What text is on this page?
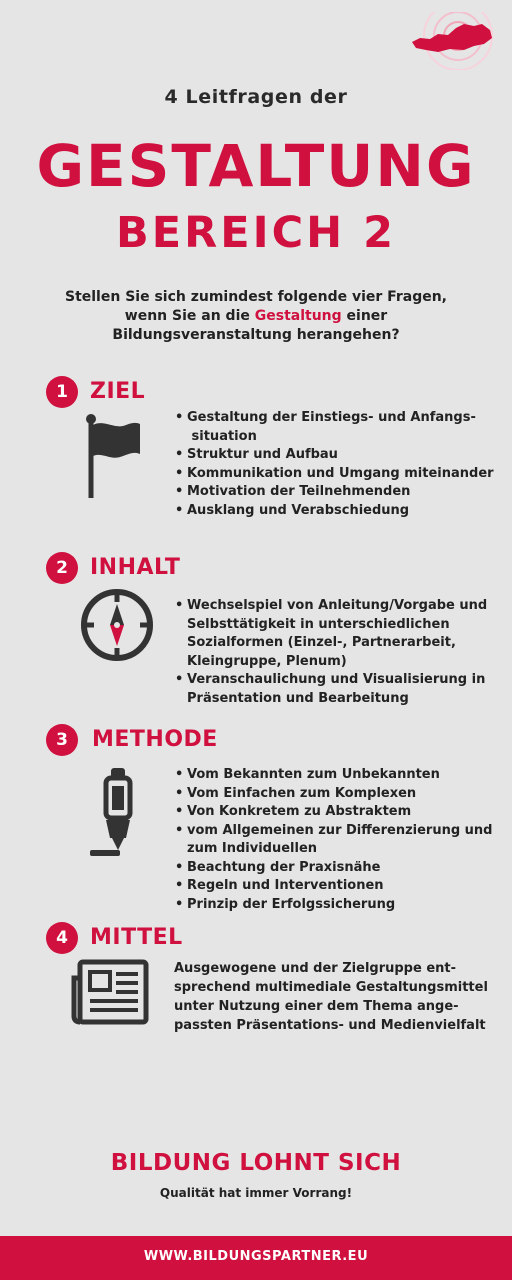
4 Leitfragen der
GESTALTUNG
BEREICH 2
Stellen Sie sich zumindest folgende vier Fragen, wenn Sie an die Gestaltung einer Bildungsveranstaltung herangehen?
1	ZIEL
• Gestaltung der Einstiegs- und Anfangs- situation
• Struktur und Aufbau
• Kommunikation und Umgang miteinander
• Motivation der Teilnehmenden
• Ausklang und Verabschiedung
2	INHALT
• Wechselspiel von Anleitung/Vorgabe und Selbsttätigkeit in unterschiedlichen Sozialformen (Einzel-, Partnerarbeit, Kleingruppe, Plenum)
• Veranschaulichung und Visualisierung in Präsentation und Bearbeitung
3	METHODE
• Vom Bekannten zum Unbekannten
• Vom Einfachen zum Komplexen
• Von Konkretem zu Abstraktem
• vom Allgemeinen zur Differenzierung und zum Individuellen
• Beachtung der Praxisnähe
• Regeln und Interventionen
• Prinzip der Erfolgssicherung
4	MITTEL
Ausgewogene und der Zielgruppe ent-sprechend multimediale Gestaltungsmittel unter Nutzung einer dem Thema ange-passten Präsentations- und Medienvielfalt
BILDUNG LOHNT SICH
Qualität hat immer Vorrang!
WWW.BILDUNGSPARTNER.EU
